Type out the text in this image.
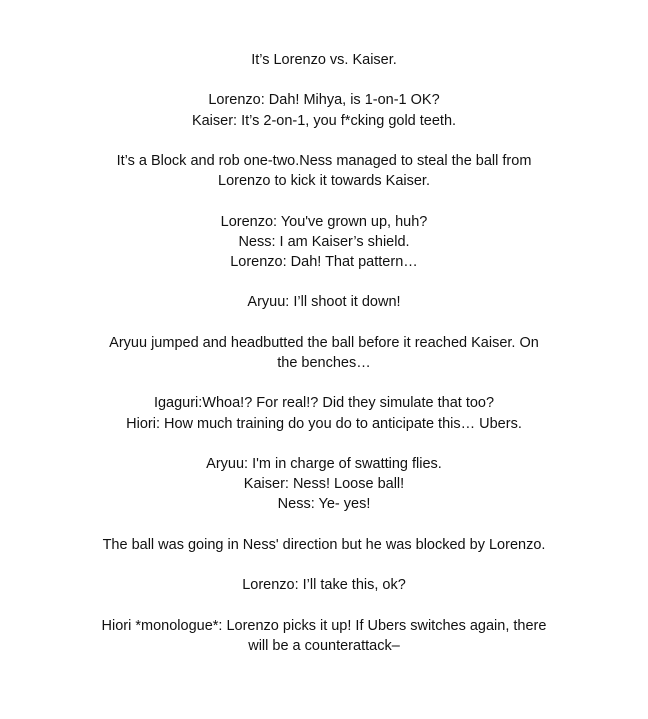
It’s Lorenzo vs. Kaiser.
Lorenzo: Dah! Mihya, is 1-on-1 OK?
Kaiser: It’s 2-on-1, you f*cking gold teeth.
It’s a Block and rob one-two.Ness managed to steal the ball from
Lorenzo to kick it towards Kaiser.
Lorenzo: You've grown up, huh?
Ness: I am Kaiser’s shield.
Lorenzo: Dah! That pattern…
Aryuu: I’ll shoot it down!
Aryuu jumped and headbutted the ball before it reached Kaiser. On
the benches…
Igaguri:Whoa!? For real!? Did they simulate that too?
Hiori: How much training do you do to anticipate this… Ubers.
Aryuu: I'm in charge of swatting flies.
Kaiser: Ness! Loose ball!
Ness: Ye- yes!
The ball was going in Ness' direction but he was blocked by Lorenzo.
Lorenzo: I’ll take this, ok?
Hiori *monologue*: Lorenzo picks it up! If Ubers switches again, there
will be a counterattack–
